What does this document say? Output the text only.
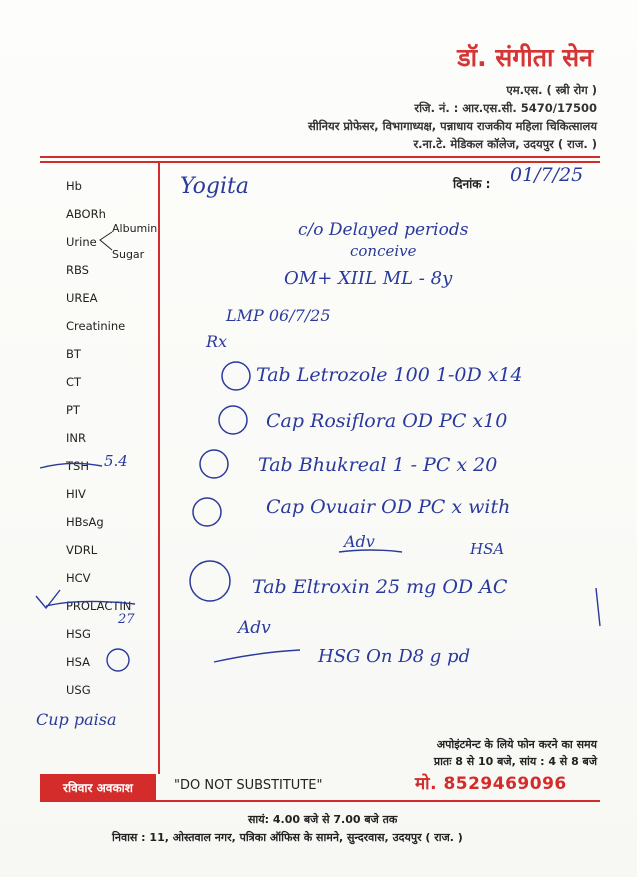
डॉ. संगीता सेन
एम.एस. ( स्त्री रोग )
रजि. नं. : आर.एस.सी. 5470/17500
सीनियर प्रोफेसर, विभागाध्यक्ष, पन्नाधाय राजकीय महिला चिकित्सालय
र.ना.टे. मेडिकल कॉलेज, उदयपुर ( राज. )
Hb
ABORh
Urine
Albumin
Sugar
RBS
UREA
Creatinine
BT
CT
PT
INR
TSH
HIV
HBsAg
VDRL
HCV
PROLACTIN
HSG
HSA
USG
दिनांक : 01/7/25
Yogita
c/o Delayed periods
conceive
OM+ XIIL ML - 8y
LMP 06/7/25
Rx
Tab Letrozole 100 1-0D x14
Cap Rosiflora OD PC x10
Tab Bhukreal 1 - PC x 20
Cap Ovuair OD PC x with
Adv	HSA
Tab Eltroxin 25 mg OD AC
Adv
HSG On D8 g pd
5.4
27
Cup paisa
अपोइंटमेन्ट के लिये फोन करने का समय
प्रातः 8 से 10 बजे, सांय : 4 से 8 बजे
मो. 8529469096
रविवार अवकाश	"DO NOT SUBSTITUTE"
सायं: 4.00 बजे से 7.00 बजे तक
निवास : 11, ओस्तवाल नगर, पत्रिका ऑफिस के सामने, सुन्दरवास, उदयपुर ( राज. )
